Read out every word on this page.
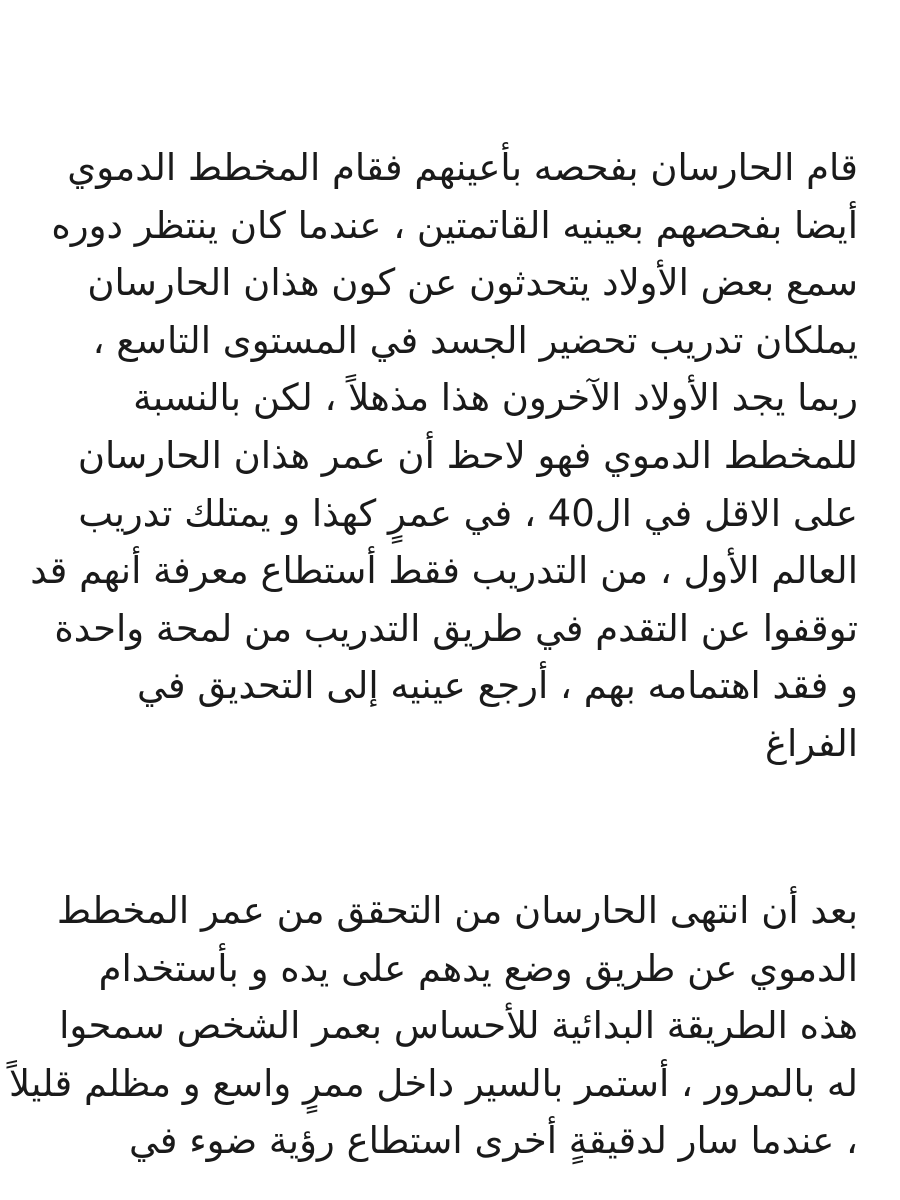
قام الحارسان بفحصه بأعينهم فقام المخطط الدموي
أيضا بفحصهم بعينيه القاتمتين ، عندما كان ينتظر دوره
سمع بعض الأولاد يتحدثون عن كون هذان الحارسان
يملكان تدريب تحضير الجسد في المستوى التاسع ،
ربما يجد الأولاد الآخرون هذا مذهلاً ، لكن بالنسبة
للمخطط الدموي فهو لاحظ أن عمر هذان الحارسان
على الاقل في ال40 ، في عمرٍ كهذا و يمتلك تدريب
العالم الأول ، من التدريب فقط أستطاع معرفة أنهم قد
توقفوا عن التقدم في طريق التدريب من لمحة واحدة
و فقد اهتمامه بهم ، أرجع عينيه إلى التحديق في
الفراغ
بعد أن انتهى الحارسان من التحقق من عمر المخطط
الدموي عن طريق وضع يدهم على يده و بأستخدام
هذه الطريقة البدائية للأحساس بعمر الشخص سمحوا
له بالمرور ، أستمر بالسير داخل ممرٍ واسع و مظلم قليلاً
، عندما سار لدقيقةٍ أخرى استطاع رؤية ضوء في
